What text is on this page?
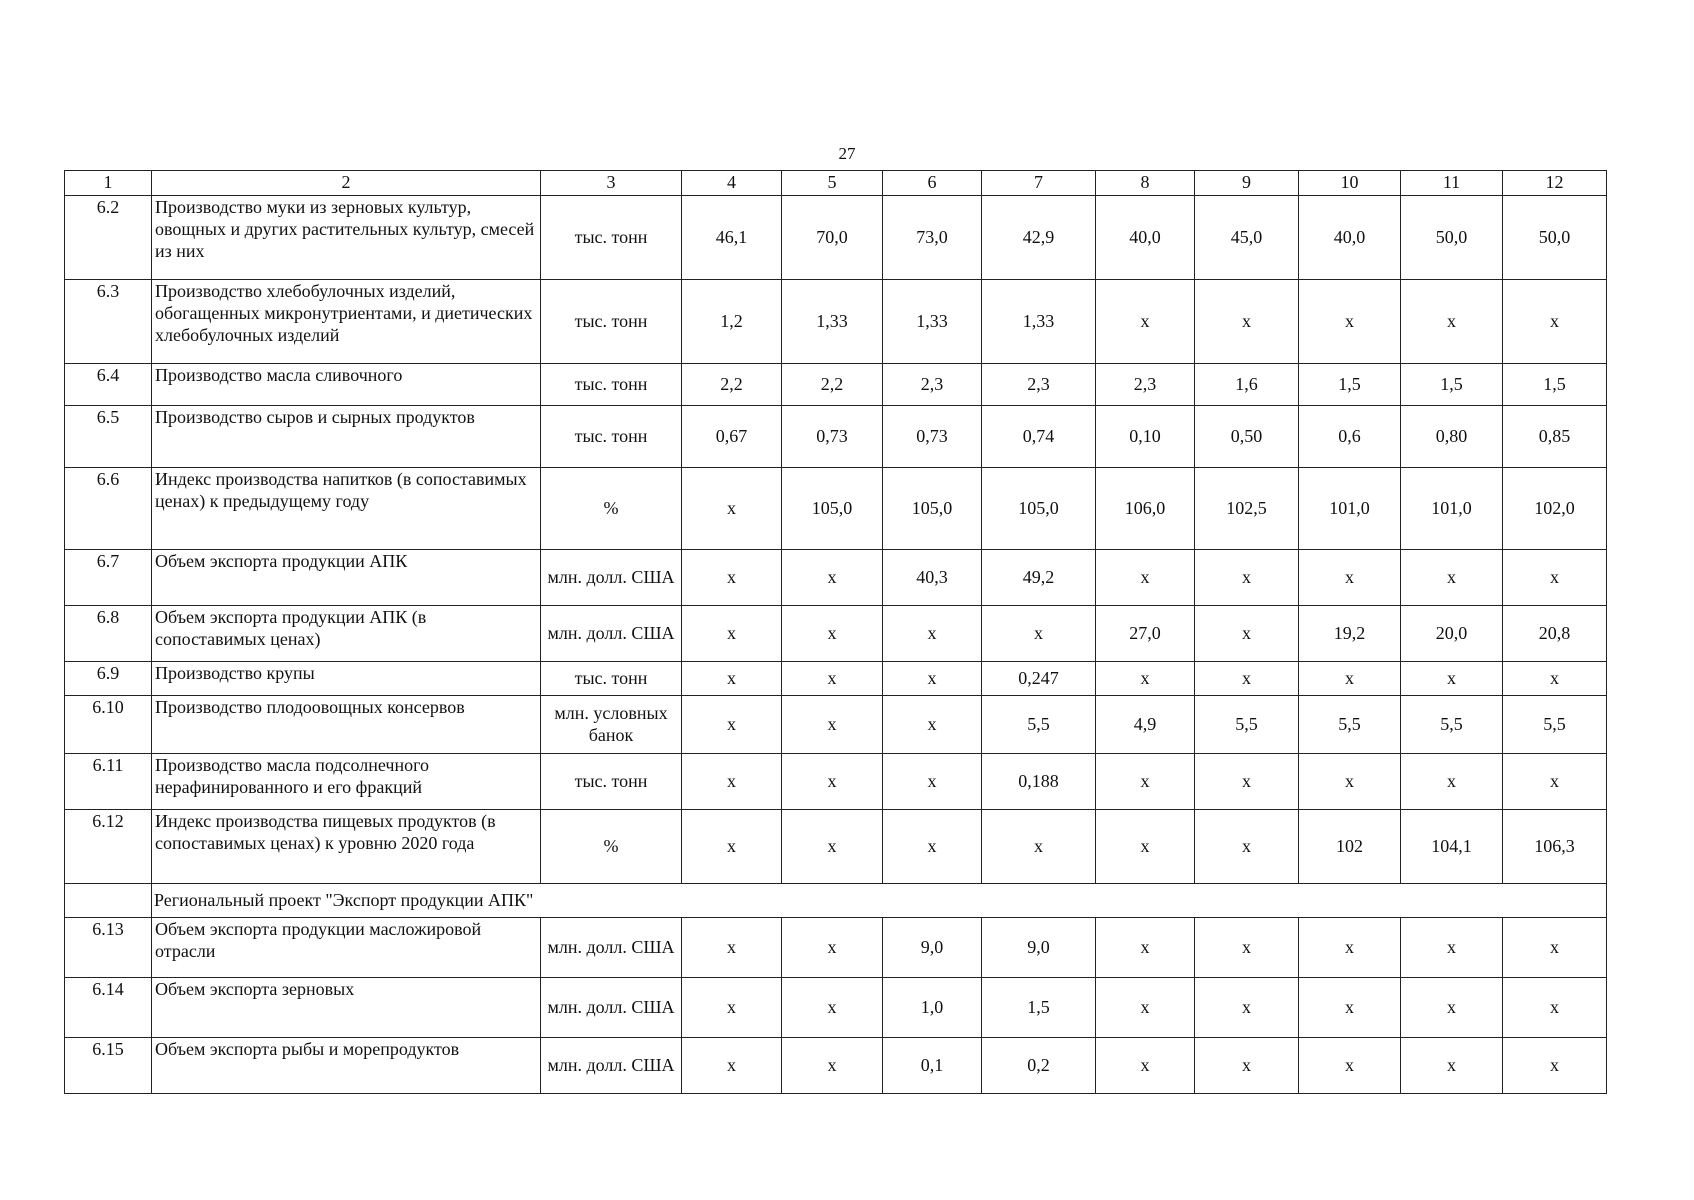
27
1	2	3	4	5	6	7	8	9	10	11	12
6.2	Производство муки из зерновых культур, овощных и других растительных культур, смесей из них	тыс. тонн	46,1	70,0	73,0	42,9	40,0	45,0	40,0	50,0	50,0
6.3	Производство хлебобулочных изделий, обогащенных микронутриентами, и диетических хлебобулочных изделий	тыс. тонн	1,2	1,33	1,33	1,33	х	х	х	х	х
6.4	Производство масла сливочного	тыс. тонн	2,2	2,2	2,3	2,3	2,3	1,6	1,5	1,5	1,5
6.5	Производство сыров и сырных продуктов	тыс. тонн	0,67	0,73	0,73	0,74	0,10	0,50	0,6	0,80	0,85
6.6	Индекс производства напитков (в сопоставимых ценах) к предыдущему году	%	х	105,0	105,0	105,0	106,0	102,5	101,0	101,0	102,0
6.7	Объем экспорта продукции АПК	млн. долл. США	х	х	40,3	49,2	х	х	х	х	х
6.8	Объем экспорта продукции АПК (в сопоставимых ценах)	млн. долл. США	х	х	х	х	27,0	х	19,2	20,0	20,8
6.9	Производство крупы	тыс. тонн	х	х	х	0,247	х	х	х	х	х
6.10	Производство плодоовощных консервов	млн. условных банок	х	х	х	5,5	4,9	5,5	5,5	5,5	5,5
6.11	Производство масла подсолнечного нерафинированного и его фракций	тыс. тонн	х	х	х	0,188	х	х	х	х	х
6.12	Индекс производства пищевых продуктов (в сопоставимых ценах) к уровню 2020 года	%	х	х	х	х	х	х	102	104,1	106,3
	Региональный проект "Экспорт продукции АПК"										
6.13	Объем экспорта продукции масложировой отрасли	млн. долл. США	х	х	9,0	9,0	х	х	х	х	х
6.14	Объем экспорта зерновых	млн. долл. США	х	х	1,0	1,5	х	х	х	х	х
6.15	Объем экспорта рыбы и морепродуктов	млн. долл. США	х	х	0,1	0,2	х	х	х	х	х
